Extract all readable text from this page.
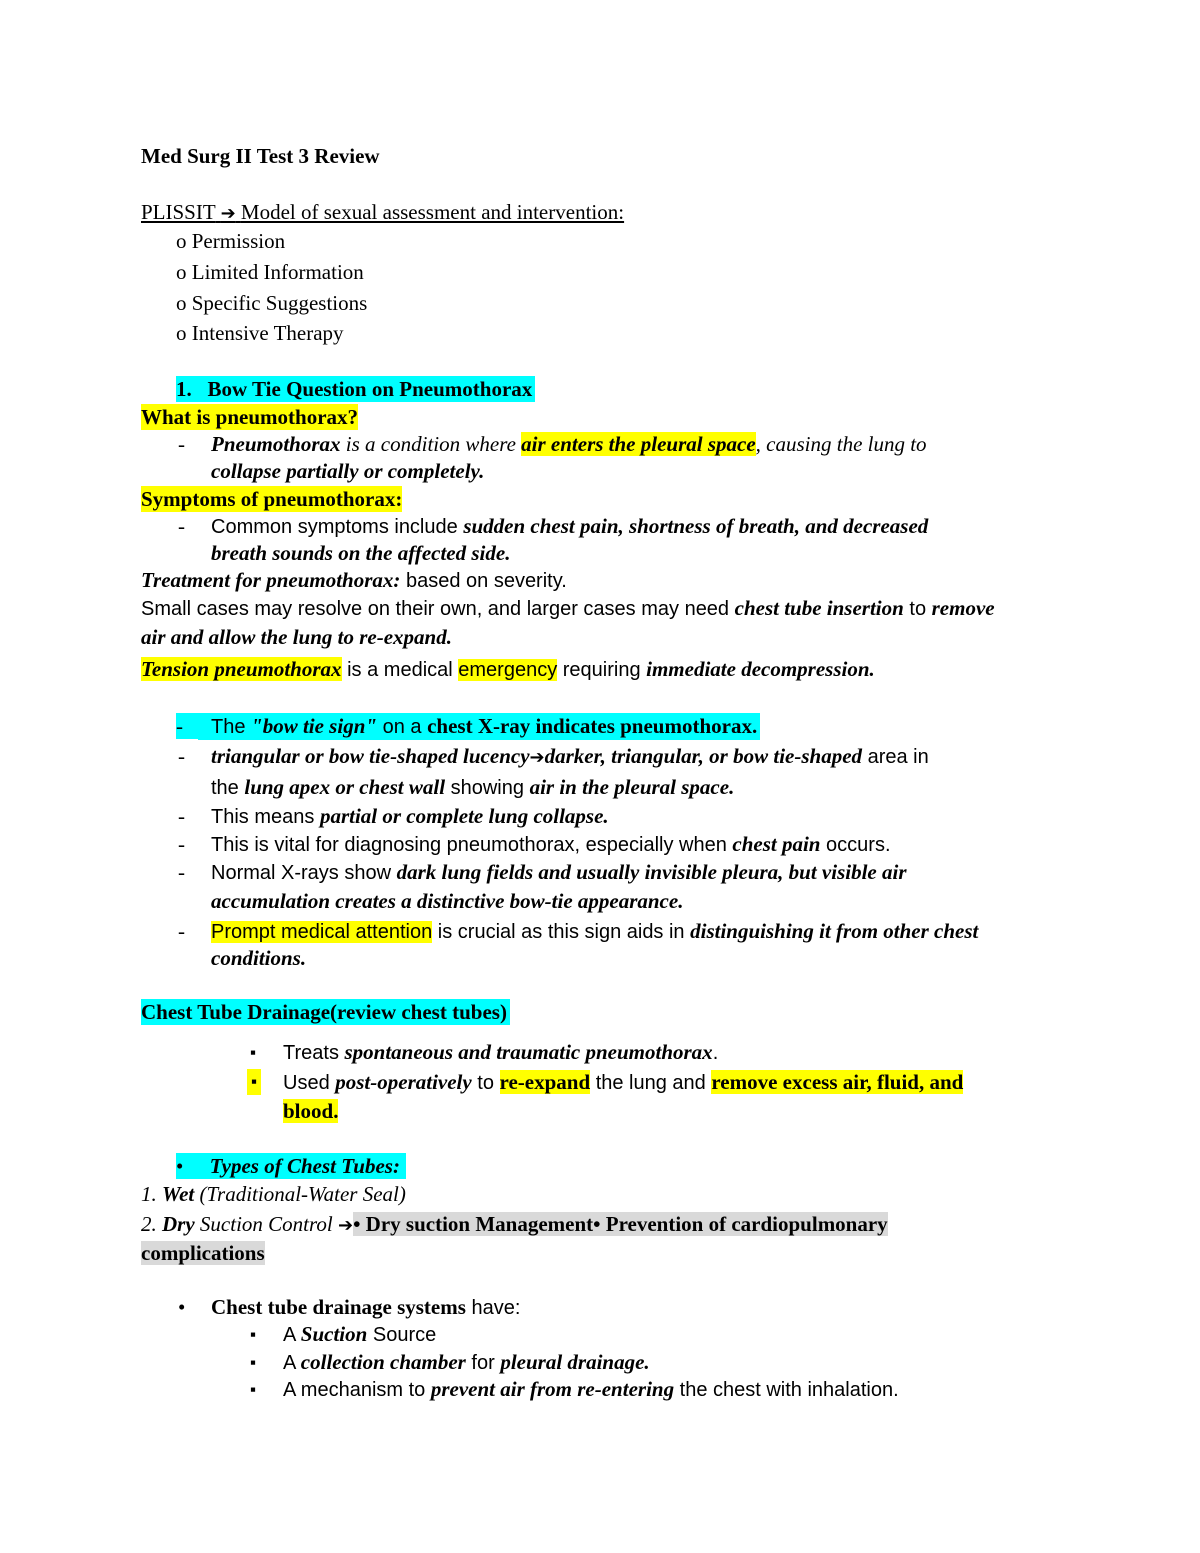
Med Surg II Test 3 Review
PLISSIT ➔ Model of sexual assessment and intervention:
o Permission
o Limited Information
o Specific Suggestions
o Intensive Therapy
1. Bow Tie Question on Pneumothorax
What is pneumothorax?
-	Pneumothorax is a condition where air enters the pleural space, causing the lung to
collapse partially or completely.
Symptoms of pneumothorax:
-	Common symptoms include sudden chest pain, shortness of breath, and decreased
breath sounds on the affected side.
Treatment for pneumothorax: based on severity.
Small cases may resolve on their own, and larger cases may need chest tube insertion to remove
air and allow the lung to re-expand.
Tension pneumothorax is a medical emergency requiring immediate decompression.
-	The "bow tie sign" on a chest X-ray indicates pneumothorax.
-	triangular or bow tie-shaped lucency➔darker, triangular, or bow tie-shaped area in
the lung apex or chest wall showing air in the pleural space.
-	This means partial or complete lung collapse.
-	This is vital for diagnosing pneumothorax, especially when chest pain occurs.
-	Normal X-rays show dark lung fields and usually invisible pleura, but visible air
accumulation creates a distinctive bow-tie appearance.
-	Prompt medical attention is crucial as this sign aids in distinguishing it from other chest
conditions.
Chest Tube Drainage(review chest tubes)
▪ Treats spontaneous and traumatic pneumothorax.
▪ Used post-operatively to re-expand the lung and remove excess air, fluid, and
blood.
• Types of Chest Tubes:
1. Wet (Traditional-Water Seal)
2. Dry Suction Control ➔• Dry suction Management• Prevention of cardiopulmonary
complications
• Chest tube drainage systems have:
▪ A Suction Source
▪ A collection chamber for pleural drainage.
▪ A mechanism to prevent air from re-entering the chest with inhalation.
